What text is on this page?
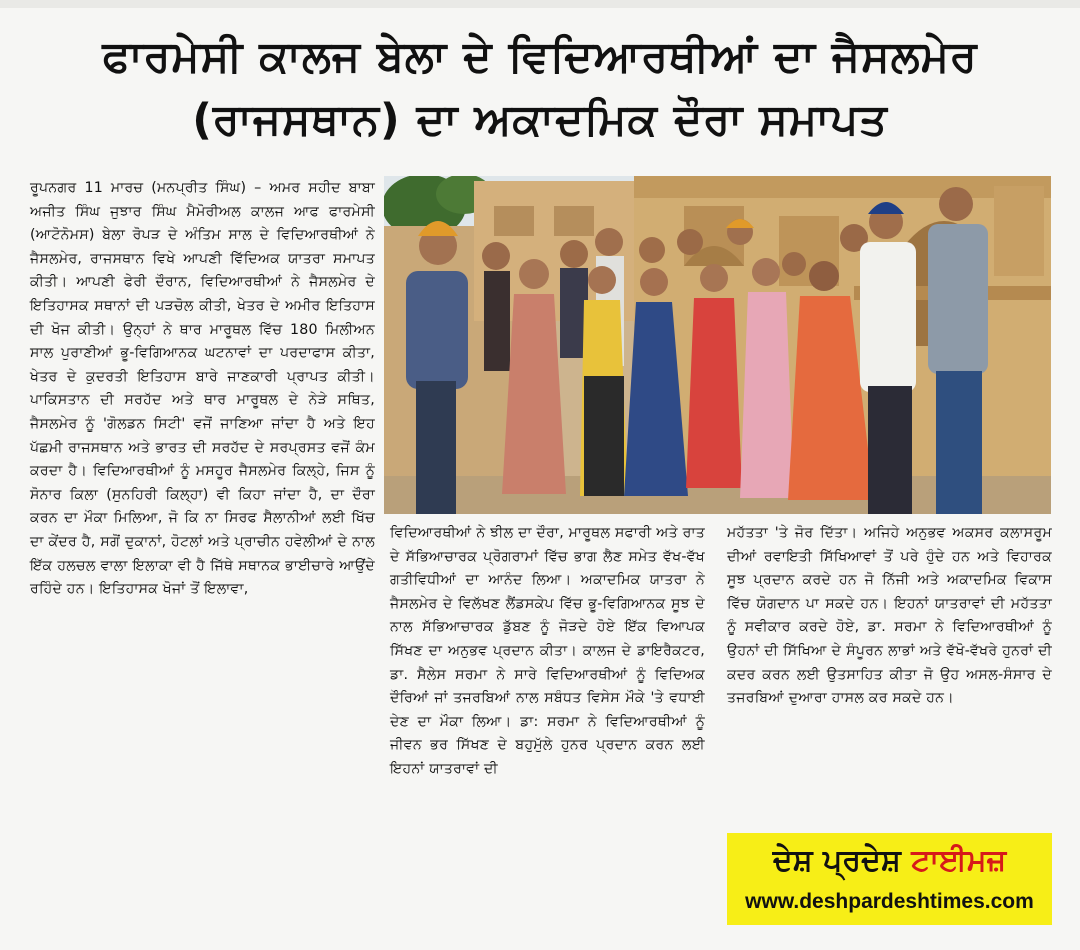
ਫਾਰਮੇਸੀ ਕਾਲਜ ਬੇਲਾ ਦੇ ਵਿਦਿਆਰਥੀਆਂ ਦਾ ਜੈਸਲਮੇਰ
(ਰਾਜਸਥਾਨ) ਦਾ ਅਕਾਦਮਿਕ ਦੌਰਾ ਸਮਾਪਤ

ਰੂਪਨਗਰ 11 ਮਾਰਚ (ਮਨਪ੍ਰੀਤ ਸਿੰਘ) – ਅਮਰ ਸਹੀਦ ਬਾਬਾ ਅਜੀਤ ਸਿੰਘ ਜੁਝਾਰ ਸਿੰਘ ਮੈਮੋਰੀਅਲ ਕਾਲਜ ਆਫ ਫਾਰਮੇਸੀ (ਆਟੋਨੋਮਸ) ਬੇਲਾ ਰੋਪੜ ਦੇ ਅੰਤਿਮ ਸਾਲ ਦੇ ਵਿਦਿਆਰਥੀਆਂ ਨੇ ਜੈਸਲਮੇਰ, ਰਾਜਸਥਾਨ ਵਿਖੇ ਆਪਣੀ ਵਿੱਦਿਅਕ ਯਾਤਰਾ ਸਮਾਪਤ ਕੀਤੀ। ਆਪਣੀ ਫੇਰੀ ਦੌਰਾਨ, ਵਿਦਿਆਰਥੀਆਂ ਨੇ ਜੈਸਲਮੇਰ ਦੇ ਇਤਿਹਾਸਕ ਸਥਾਨਾਂ ਦੀ ਪੜਚੋਲ ਕੀਤੀ, ਖੇਤਰ ਦੇ ਅਮੀਰ ਇਤਿਹਾਸ ਦੀ ਖੋਜ ਕੀਤੀ। ਉਨ੍ਹਾਂ ਨੇ ਥਾਰ ਮਾਰੂਥਲ ਵਿੱਚ 180 ਮਿਲੀਅਨ ਸਾਲ ਪੁਰਾਣੀਆਂ ਭੂ-ਵਿਗਿਆਨਕ ਘਟਨਾਵਾਂ ਦਾ ਪਰਦਾਫਾਸ ਕੀਤਾ, ਖੇਤਰ ਦੇ ਕੁਦਰਤੀ ਇਤਿਹਾਸ ਬਾਰੇ ਜਾਣਕਾਰੀ ਪ੍ਰਾਪਤ ਕੀਤੀ। ਪਾਕਿਸਤਾਨ ਦੀ ਸਰਹੱਦ ਅਤੇ ਥਾਰ ਮਾਰੂਥਲ ਦੇ ਨੇੜੇ ਸਥਿਤ, ਜੈਸਲਮੇਰ ਨੂੰ 'ਗੋਲਡਨ ਸਿਟੀ' ਵਜੋਂ ਜਾਣਿਆ ਜਾਂਦਾ ਹੈ ਅਤੇ ਇਹ ਪੱਛਮੀ ਰਾਜਸਥਾਨ ਅਤੇ ਭਾਰਤ ਦੀ ਸਰਹੱਦ ਦੇ ਸਰਪ੍ਰਸਤ ਵਜੋਂ ਕੰਮ ਕਰਦਾ ਹੈ। ਵਿਦਿਆਰਥੀਆਂ ਨੂੰ ਮਸਹੂਰ ਜੈਸਲਮੇਰ ਕਿਲ੍ਹੇ, ਜਿਸ ਨੂੰ ਸੋਨਾਰ ਕਿਲਾ (ਸੁਨਹਿਰੀ ਕਿਲ੍ਹਾ) ਵੀ ਕਿਹਾ ਜਾਂਦਾ ਹੈ, ਦਾ ਦੌਰਾ ਕਰਨ ਦਾ ਮੌਕਾ ਮਿਲਿਆ, ਜੋ ਕਿ ਨਾ ਸਿਰਫ ਸੈਲਾਨੀਆਂ ਲਈ ਖਿੱਚ ਦਾ ਕੇਂਦਰ ਹੈ, ਸਗੋਂ ਦੁਕਾਨਾਂ, ਹੋਟਲਾਂ ਅਤੇ ਪ੍ਰਾਚੀਨ ਹਵੇਲੀਆਂ ਦੇ ਨਾਲ ਇੱਕ ਹਲਚਲ ਵਾਲਾ ਇਲਾਕਾ ਵੀ ਹੈ ਜਿੱਥੇ ਸਥਾਨਕ ਭਾਈਚਾਰੇ ਆਉਂਦੇ ਰਹਿੰਦੇ ਹਨ। ਇਤਿਹਾਸਕ ਖੋਜਾਂ ਤੋਂ ਇਲਾਵਾ,

ਵਿਦਿਆਰਥੀਆਂ ਨੇ ਝੀਲ ਦਾ ਦੌਰਾ, ਮਾਰੂਥਲ ਸਫਾਰੀ ਅਤੇ ਰਾਤ ਦੇ ਸੱਭਿਆਚਾਰਕ ਪ੍ਰੋਗਰਾਮਾਂ ਵਿੱਚ ਭਾਗ ਲੈਣ ਸਮੇਤ ਵੱਖ-ਵੱਖ ਗਤੀਵਿਧੀਆਂ ਦਾ ਆਨੰਦ ਲਿਆ। ਅਕਾਦਮਿਕ ਯਾਤਰਾ ਨੇ ਜੈਸਲਮੇਰ ਦੇ ਵਿਲੱਖਣ ਲੈਂਡਸਕੇਪ ਵਿੱਚ ਭੂ-ਵਿਗਿਆਨਕ ਸੂਝ ਦੇ ਨਾਲ ਸੱਭਿਆਚਾਰਕ ਡੁੱਬਣ ਨੂੰ ਜੋੜਦੇ ਹੋਏ ਇੱਕ ਵਿਆਪਕ ਸਿੱਖਣ ਦਾ ਅਨੁਭਵ ਪ੍ਰਦਾਨ ਕੀਤਾ। ਕਾਲਜ ਦੇ ਡਾਇਰੈਕਟਰ, ਡਾ. ਸੈਲੇਸ ਸਰਮਾ ਨੇ ਸਾਰੇ ਵਿਦਿਆਰਥੀਆਂ ਨੂੰ ਵਿਦਿਅਕ ਦੌਰਿਆਂ ਜਾਂ ਤਜਰਬਿਆਂ ਨਾਲ ਸਬੰਧਤ ਵਿਸੇਸ ਮੌਕੇ 'ਤੇ ਵਧਾਈ ਦੇਣ ਦਾ ਮੌਕਾ ਲਿਆ। ਡਾ: ਸਰਮਾ ਨੇ ਵਿਦਿਆਰਥੀਆਂ ਨੂੰ ਜੀਵਨ ਭਰ ਸਿੱਖਣ ਦੇ ਬਹੁਮੁੱਲੇ ਹੁਨਰ ਪ੍ਰਦਾਨ ਕਰਨ ਲਈ ਇਹਨਾਂ ਯਾਤਰਾਵਾਂ ਦੀ

ਮਹੱਤਤਾ 'ਤੇ ਜੋਰ ਦਿੱਤਾ। ਅਜਿਹੇ ਅਨੁਭਵ ਅਕਸਰ ਕਲਾਸਰੂਮ ਦੀਆਂ ਰਵਾਇਤੀ ਸਿੱਖਿਆਵਾਂ ਤੋਂ ਪਰੇ ਹੁੰਦੇ ਹਨ ਅਤੇ ਵਿਹਾਰਕ ਸੂਝ ਪ੍ਰਦਾਨ ਕਰਦੇ ਹਨ ਜੋ ਨਿੱਜੀ ਅਤੇ ਅਕਾਦਮਿਕ ਵਿਕਾਸ ਵਿੱਚ ਯੋਗਦਾਨ ਪਾ ਸਕਦੇ ਹਨ। ਇਹਨਾਂ ਯਾਤਰਾਵਾਂ ਦੀ ਮਹੱਤਤਾ ਨੂੰ ਸਵੀਕਾਰ ਕਰਦੇ ਹੋਏ, ਡਾ. ਸਰਮਾ ਨੇ ਵਿਦਿਆਰਥੀਆਂ ਨੂੰ ਉਹਨਾਂ ਦੀ ਸਿੱਖਿਆ ਦੇ ਸੰਪੂਰਨ ਲਾਭਾਂ ਅਤੇ ਵੱਖੋ-ਵੱਖਰੇ ਹੁਨਰਾਂ ਦੀ ਕਦਰ ਕਰਨ ਲਈ ਉਤਸਾਹਿਤ ਕੀਤਾ ਜੋ ਉਹ ਅਸਲ-ਸੰਸਾਰ ਦੇ ਤਜਰਬਿਆਂ ਦੁਆਰਾ ਹਾਸਲ ਕਰ ਸਕਦੇ ਹਨ।

ਦੇਸ਼ ਪ੍ਰਦੇਸ਼ ਟਾਈਮਜ਼
www.deshpardeshtimes.com
